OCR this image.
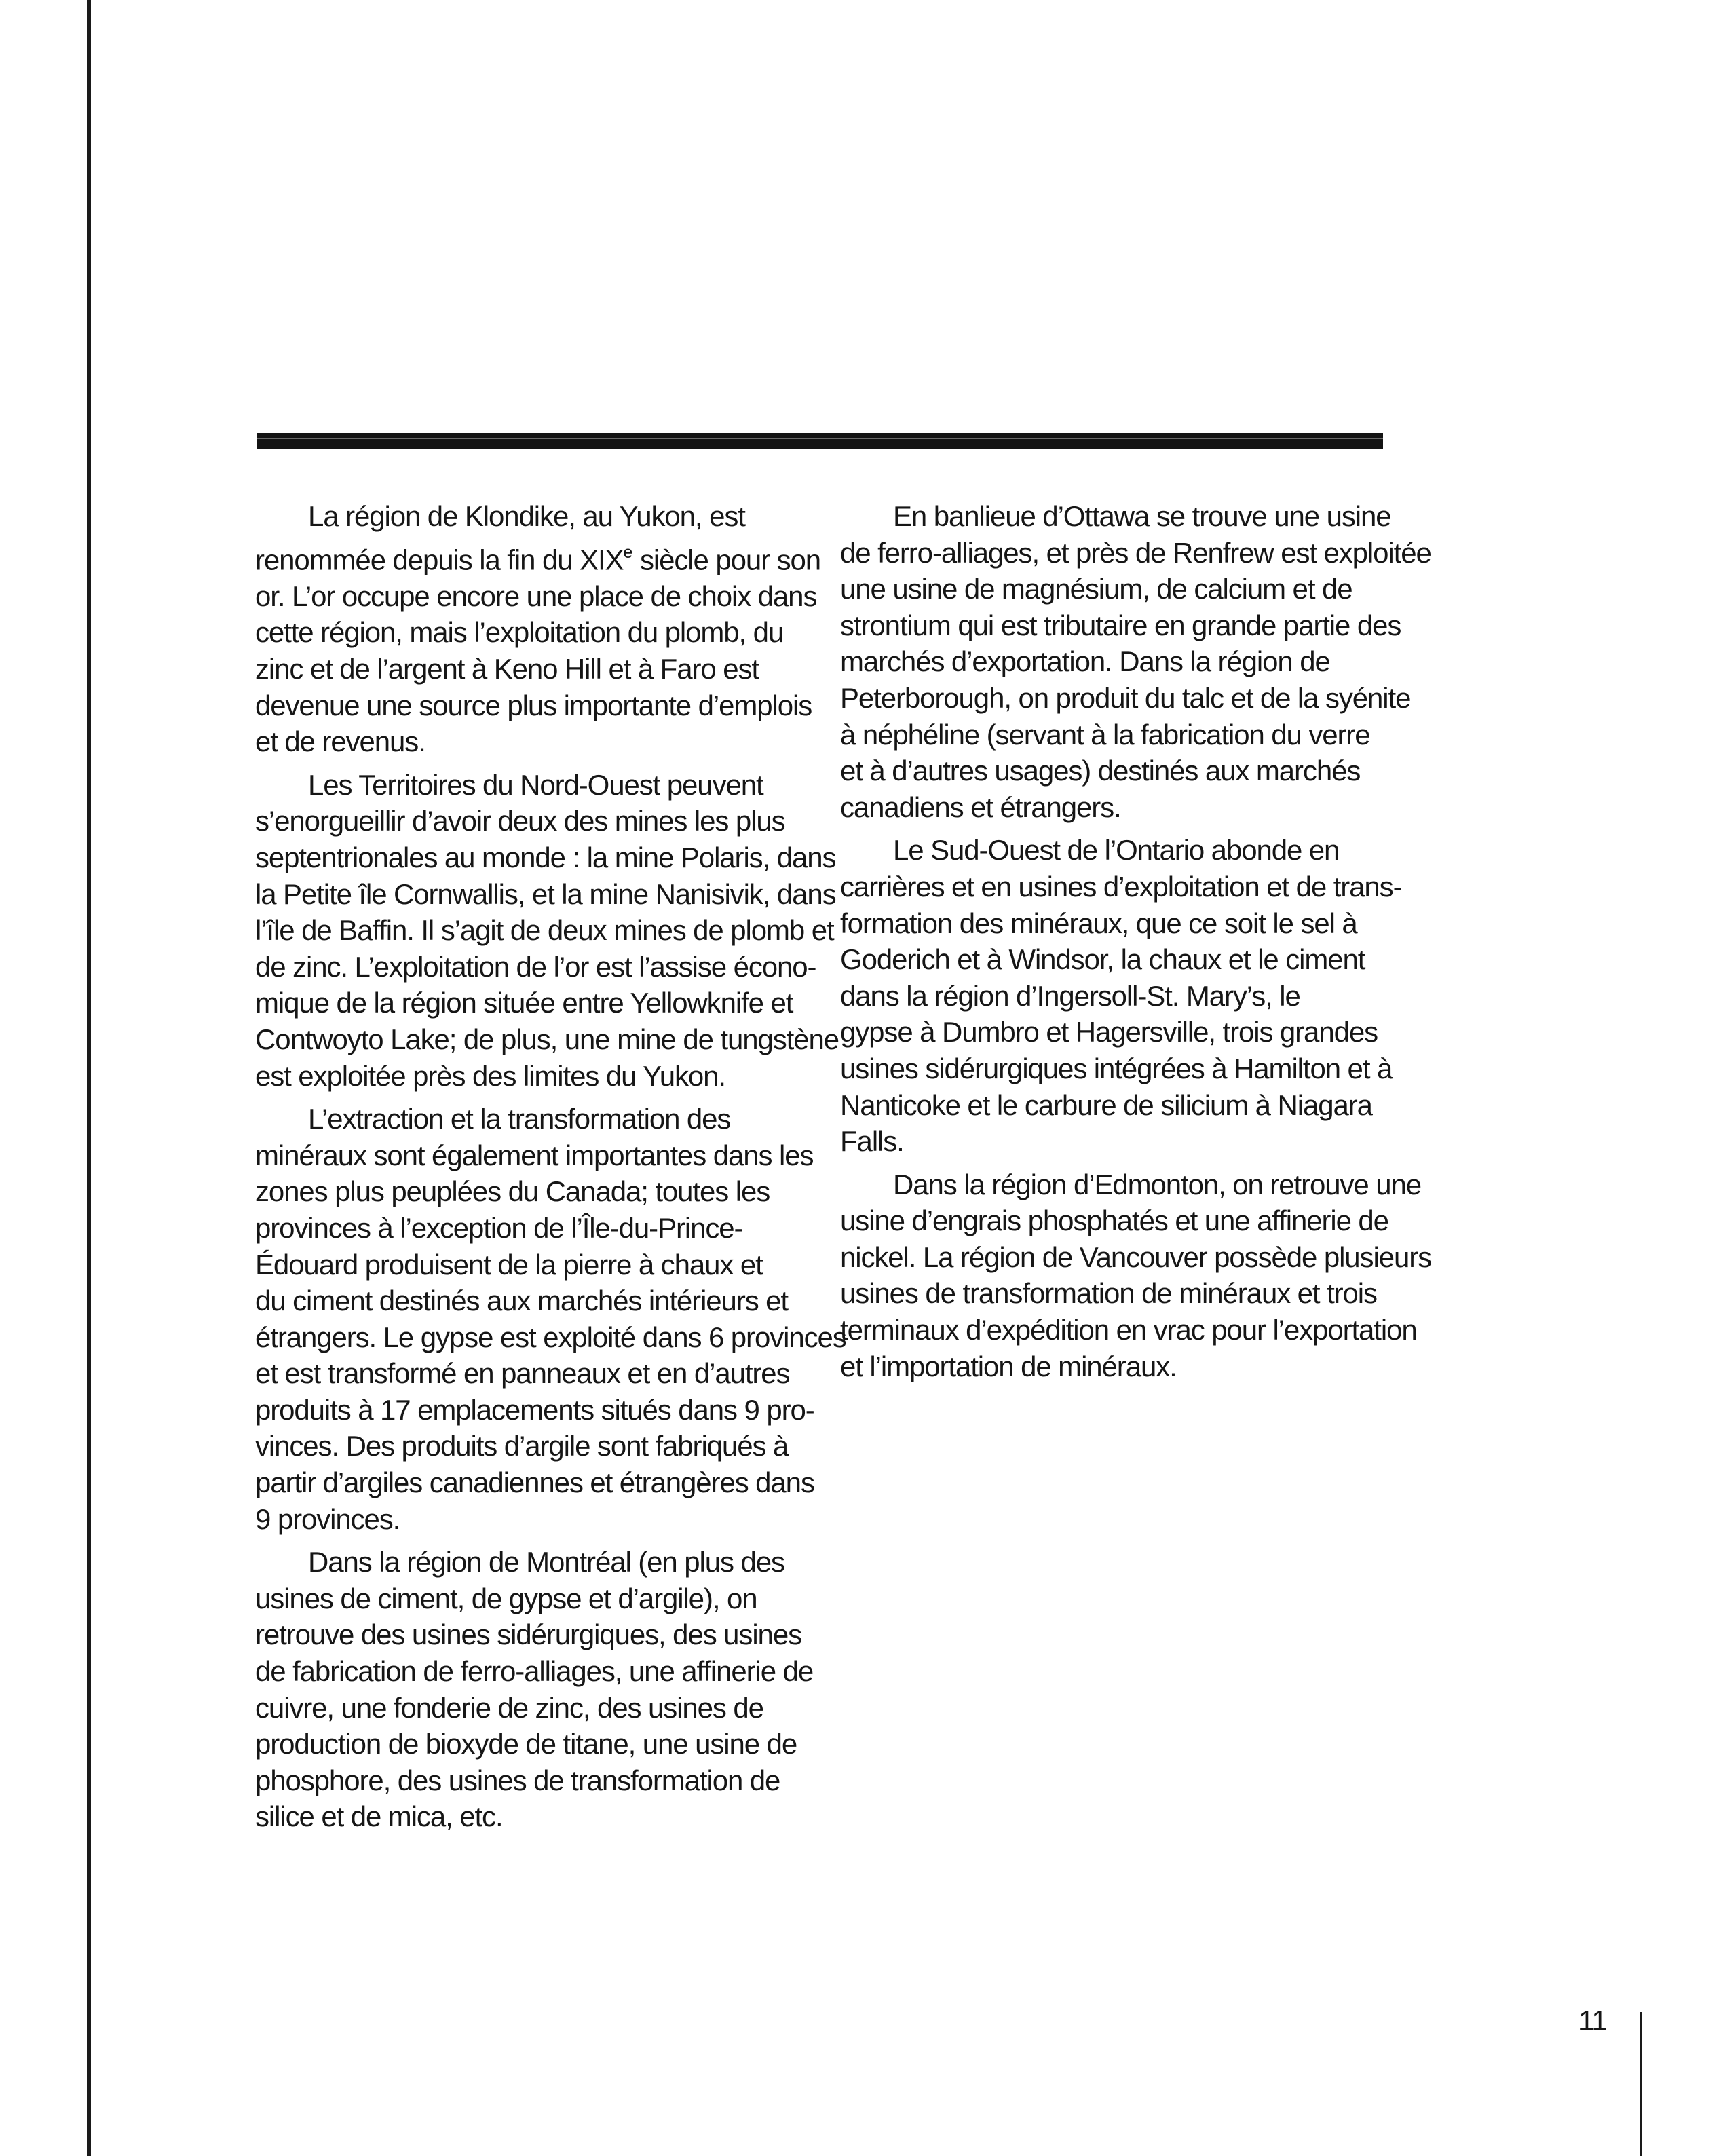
La région de Klondike, au Yukon, est
renommée depuis la fin du XIXe siècle pour son
or. L’or occupe encore une place de choix dans
cette région, mais l’exploitation du plomb, du
zinc et de l’argent à Keno Hill et à Faro est
devenue une source plus importante d’emplois
et de revenus.
Les Territoires du Nord-Ouest peuvent
s’enorgueillir d’avoir deux des mines les plus
septentrionales au monde : la mine Polaris, dans
la Petite île Cornwallis, et la mine Nanisivik, dans
l’île de Baffin. Il s’agit de deux mines de plomb et
de zinc. L’exploitation de l’or est l’assise écono-
mique de la région située entre Yellowknife et
Contwoyto Lake; de plus, une mine de tungstène
est exploitée près des limites du Yukon.
L’extraction et la transformation des
minéraux sont également importantes dans les
zones plus peuplées du Canada; toutes les
provinces à l’exception de l’Île-du-Prince-
Édouard produisent de la pierre à chaux et
du ciment destinés aux marchés intérieurs et
étrangers. Le gypse est exploité dans 6 provinces
et est transformé en panneaux et en d’autres
produits à 17 emplacements situés dans 9 pro-
vinces. Des produits d’argile sont fabriqués à
partir d’argiles canadiennes et étrangères dans
9 provinces.
Dans la région de Montréal (en plus des
usines de ciment, de gypse et d’argile), on
retrouve des usines sidérurgiques, des usines
de fabrication de ferro-alliages, une affinerie de
cuivre, une fonderie de zinc, des usines de
production de bioxyde de titane, une usine de
phosphore, des usines de transformation de
silice et de mica, etc.
En banlieue d’Ottawa se trouve une usine
de ferro-alliages, et près de Renfrew est exploitée
une usine de magnésium, de calcium et de
strontium qui est tributaire en grande partie des
marchés d’exportation. Dans la région de
Peterborough, on produit du talc et de la syénite
à néphéline (servant à la fabrication du verre
et à d’autres usages) destinés aux marchés
canadiens et étrangers.
Le Sud-Ouest de l’Ontario abonde en
carrières et en usines d’exploitation et de trans-
formation des minéraux, que ce soit le sel à
Goderich et à Windsor, la chaux et le ciment
dans la région d’Ingersoll-St. Mary’s, le
gypse à Dumbro et Hagersville, trois grandes
usines sidérurgiques intégrées à Hamilton et à
Nanticoke et le carbure de silicium à Niagara
Falls.
Dans la région d’Edmonton, on retrouve une
usine d’engrais phosphatés et une affinerie de
nickel. La région de Vancouver possède plusieurs
usines de transformation de minéraux et trois
terminaux d’expédition en vrac pour l’exportation
et l’importation de minéraux.
11
